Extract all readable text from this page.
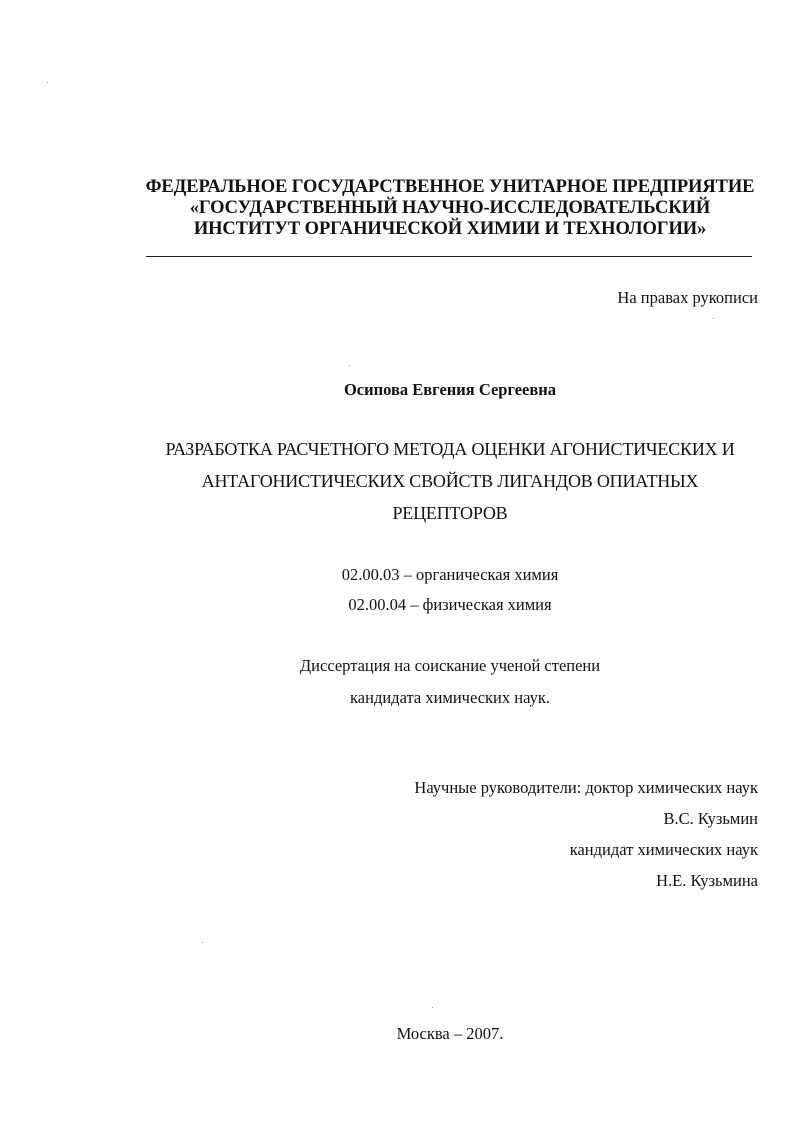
ФЕДЕРАЛЬНОЕ ГОСУДАРСТВЕННОЕ УНИТАРНОЕ ПРЕДПРИЯТИЕ
«ГОСУДАРСТВЕННЫЙ НАУЧНО-ИССЛЕДОВАТЕЛЬСКИЙ
ИНСТИТУТ ОРГАНИЧЕСКОЙ ХИМИИ И ТЕХНОЛОГИИ»
На правах рукописи
Осипова Евгения Сергеевна
РАЗРАБОТКА РАСЧЕТНОГО МЕТОДА ОЦЕНКИ АГОНИСТИЧЕСКИХ И
АНТАГОНИСТИЧЕСКИХ СВОЙСТВ ЛИГАНДОВ ОПИАТНЫХ
РЕЦЕПТОРОВ
02.00.03 – органическая химия
02.00.04 – физическая химия
Диссертация на соискание ученой степени
кандидата химических наук.
Научные руководители: доктор химических наук
В.С. Кузьмин
кандидат химических наук
Н.Е. Кузьмина
Москва – 2007.
